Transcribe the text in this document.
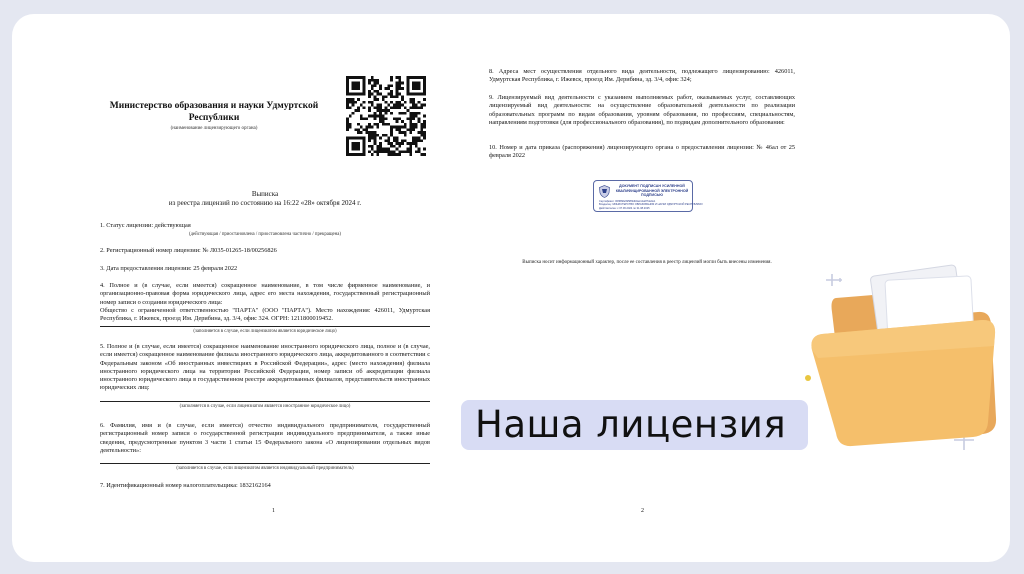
Министерство образования и науки Удмуртской Республики
(наименование лицензирующего органа)
Выписка
из реестра лицензий по состоянию на 16:22 «28» октября 2024 г.
1. Статус лицензии: действующая
(действующая / приостановлена / приостановлена частично / прекращена)
2. Регистрационный номер лицензии: № Л035-01265-18/00256826
3. Дата предоставления лицензии: 25 февраля 2022
4. Полное и (в случае, если имеется) сокращенное наименование, в том числе фирменное наименование, и организационно-правовая форма юридического лица, адрес его места нахождения, государственный регистрационный номер записи о создании юридического лица:
Общество с ограниченной ответственностью "ПАРТА" (ООО "ПАРТА"). Место нахождения: 426011, Удмуртская Республика, г. Ижевск, проезд Им. Дерибина, зд. 3/4, офис 324. ОГРН: 1211800019452.
(заполняется в случае, если лицензиатом является юридическое лицо)
5. Полное и (в случае, если имеется) сокращенное наименование иностранного юридического лица, полное и (в случае, если имеется) сокращенное наименование филиала иностранного юридического лица, аккредитованного в соответствии с Федеральным законом «Об иностранных инвестициях в Российской Федерации», адрес (место нахождения) филиала иностранного юридического лица на территории Российской Федерации, номер записи об аккредитации филиала иностранного юридического лица в государственном реестре аккредитованных филиалов, представительств иностранных юридических лиц:
(заполняется в случае, если лицензиатом является иностранное юридическое лицо)
6. Фамилия, имя и (в случае, если имеется) отчество индивидуального предпринимателя, государственный регистрационный номер записи о государственной регистрации индивидуального предпринимателя, а также иные сведения, предусмотренные пунктом 3 части 1 статьи 15 Федерального закона «О лицензировании отдельных видов деятельности»:
(заполняется в случае, если лицензиатом является индивидуальный предприниматель)
7. Идентификационный номер налогоплательщика: 1832162164
1
8. Адреса мест осуществления отдельного вида деятельности, подлежащего лицензированию: 426011, Удмуртская Республика, г. Ижевск, проезд Им. Дерибина, зд. 3/4, офис 324;
9. Лицензируемый вид деятельности с указанием выполняемых работ, оказываемых услуг, составляющих лицензируемый вид деятельности: на осуществление образовательной деятельности по реализации образовательных программ по видам образования, уровням образования, по профессиям, специальностям, направлениям подготовки (для профессионального образования), по подвидам дополнительного образования:
10. Номер и дата приказа (распоряжения) лицензирующего органа о предоставлении лицензии: № 46ал от 25 февраля 2022
ДОКУМЕНТ ПОДПИСАН УСИЛЕННОЙ КВАЛИФИЦИРОВАННОЙ ЭЛЕКТРОННОЙ ПОДПИСЬЮ
Сертификат: 00f389fe6958f2db0ac12a6f7de0e1
Владелец: МИНИСТЕРСТВО ОБРАЗОВАНИЯ И НАУКИ УДМУРТСКОЙ РЕСПУБЛИКИ
Действителен: с 07.06.2024 по 31.08.2025
Выписка носит информационный характер, после ее составления в реестр лицензий могли быть внесены изменения.
2
Наша лицензия
